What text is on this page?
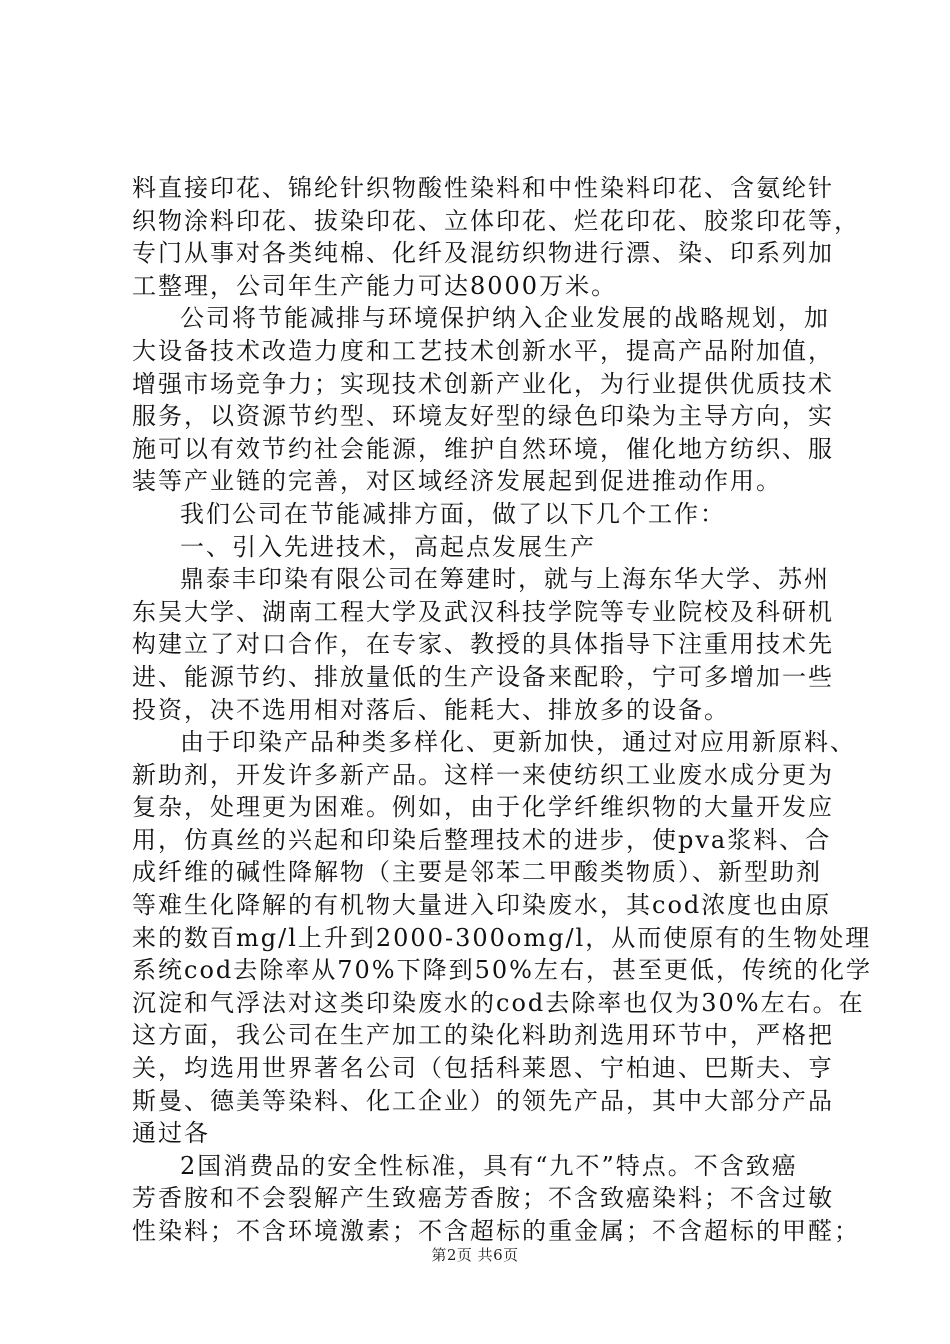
料直接印花、锦纶针织物酸性染料和中性染料印花、含氨纶针
织物涂料印花、拔染印花、立体印花、烂花印花、胶浆印花等，
专门从事对各类纯棉、化纤及混纺织物进行漂、染、印系列加
工整理，公司年生产能力可达8000万米。
公司将节能减排与环境保护纳入企业发展的战略规划，加
大设备技术改造力度和工艺技术创新水平，提高产品附加值，
增强市场竞争力；实现技术创新产业化，为行业提供优质技术
服务，以资源节约型、环境友好型的绿色印染为主导方向，实
施可以有效节约社会能源，维护自然环境，催化地方纺织、服
装等产业链的完善，对区域经济发展起到促进推动作用。
我们公司在节能减排方面，做了以下几个工作：
一、引入先进技术，高起点发展生产
鼎泰丰印染有限公司在筹建时，就与上海东华大学、苏州
东吴大学、湖南工程大学及武汉科技学院等专业院校及科研机
构建立了对口合作，在专家、教授的具体指导下注重用技术先
进、能源节约、排放量低的生产设备来配聆，宁可多增加一些
投资，决不选用相对落后、能耗大、排放多的设备。
由于印染产品种类多样化、更新加快，通过对应用新原料、
新助剂，开发许多新产品。这样一来使纺织工业废水成分更为
复杂，处理更为困难。例如，由于化学纤维织物的大量开发应
用，仿真丝的兴起和印染后整理技术的进步，使pva浆料、合
成纤维的碱性降解物（主要是邻苯二甲酸类物质）、新型助剂
等难生化降解的有机物大量进入印染废水，其cod浓度也由原
来的数百mg/l上升到2000-300omg/l，从而使原有的生物处理
系统cod去除率从70%下降到50%左右，甚至更低，传统的化学
沉淀和气浮法对这类印染废水的cod去除率也仅为30%左右。在
这方面，我公司在生产加工的染化料助剂选用环节中，严格把
关，均选用世界著名公司（包括科莱恩、宁柏迪、巴斯夫、亨
斯曼、德美等染料、化工企业）的领先产品，其中大部分产品
通过各
2国消费品的安全性标准，具有“九不”特点。不含致癌
芳香胺和不会裂解产生致癌芳香胺；不含致癌染料；不含过敏
性染料；不含环境激素；不含超标的重金属；不含超标的甲醛；
第2页 共6页
